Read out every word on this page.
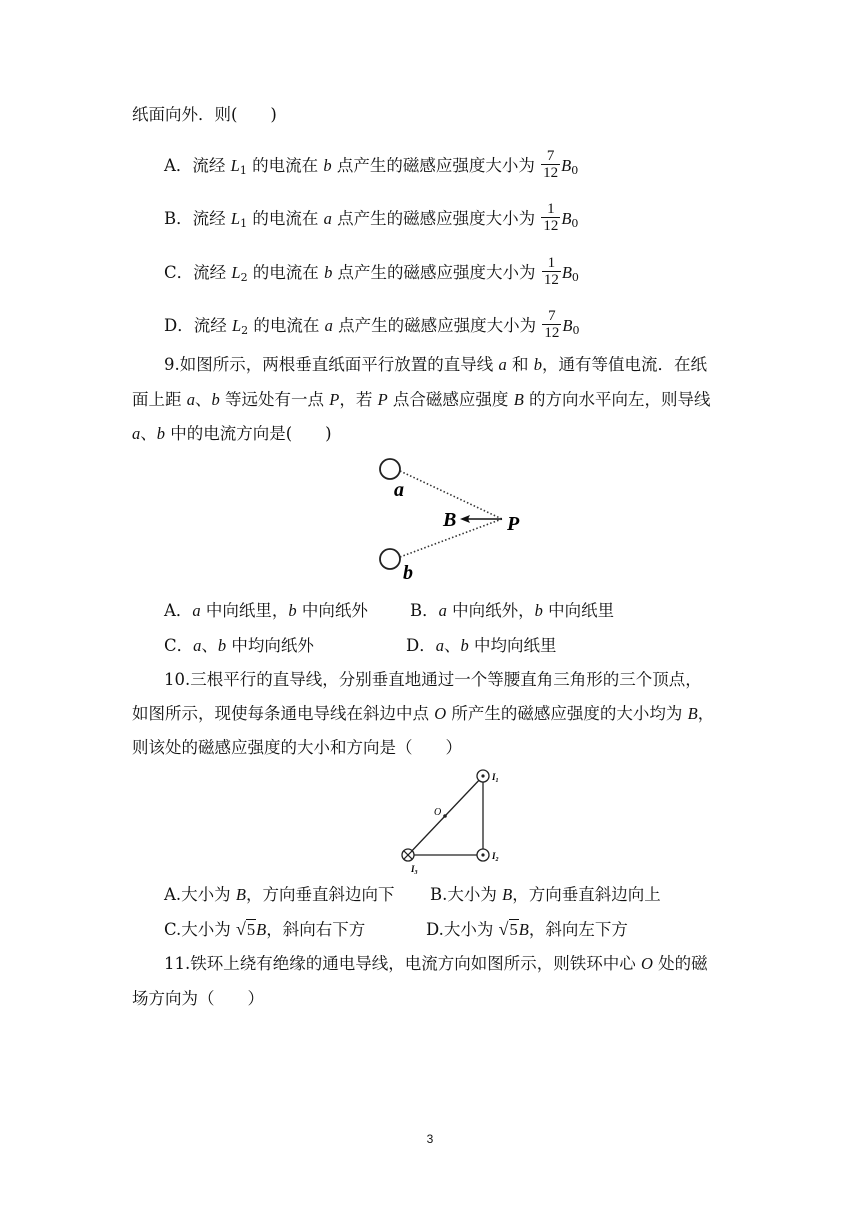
纸面向外．则(　　)
A．流经 $L_1$ 的电流在 b 点产生的磁感应强度大小为 $\frac{7}{12} B_0$
B．流经 $L_1$ 的电流在 a 点产生的磁感应强度大小为 $\frac{1}{12} B_0$
C．流经 $L_2$ 的电流在 b 点产生的磁感应强度大小为 $\frac{1}{12} B_0$
D．流经 $L_2$ 的电流在 a 点产生的磁感应强度大小为 $\frac{7}{12} B_0$
9.如图所示，两根垂直纸面平行放置的直导线 a 和 b，通有等值电流．在纸
面上距 a、b 等远处有一点 P，若 P 点合磁感应强度 B 的方向水平向左，则导线
a、b 中的电流方向是(　　)
a
b
B	P
A．a 中向纸里，b 中向纸外	B．a 中向纸外，b 中向纸里
C．a、b 中均向纸外	D．a、b 中均向纸里
10.三根平行的直导线，分别垂直地通过一个等腰直角三角形的三个顶点，
如图所示，现使每条通电导线在斜边中点 O 所产生的磁感应强度的大小均为 B，
则该处的磁感应强度的大小和方向是（　　）
O
$I_1$
$I_2$
$I_3$
A.大小为 B，方向垂直斜边向下 B.大小为 B，方向垂直斜边向上
C.大小为 √5B，斜向右下方	D.大小为 √5B，斜向左下方
11.铁环上绕有绝缘的通电导线，电流方向如图所示，则铁环中心 O 处的磁
场方向为（　　）
3
